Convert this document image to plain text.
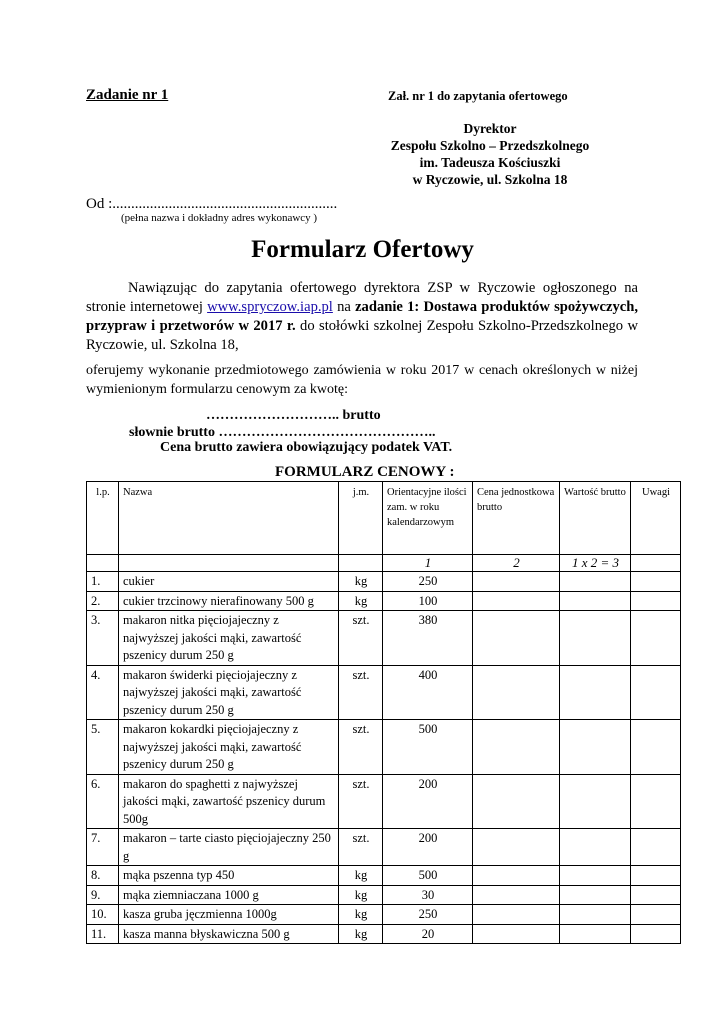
Zadanie nr 1	Zał. nr 1 do zapytania ofertowego
Dyrektor
Zespołu Szkolno – Przedszkolnego
im. Tadeusza Kościuszki
w Ryczowie, ul. Szkolna 18
Od :............................................................
(pełna nazwa i dokładny adres wykonawcy )
Formularz Ofertowy
Nawiązując do zapytania ofertowego dyrektora ZSP w Ryczowie ogłoszonego na stronie internetowej www.spryczow.iap.pl na zadanie 1: Dostawa produktów spożywczych, przypraw i przetworów w 2017 r. do stołówki szkolnej Zespołu Szkolno-Przedszkolnego w Ryczowie, ul. Szkolna 18,
oferujemy wykonanie przedmiotowego zamówienia w roku 2017 w cenach określonych w niżej wymienionym formularzu cenowym za kwotę:
……………………….. brutto
słownie brutto ………………………………………..
Cena brutto zawiera obowiązujący podatek VAT.
FORMULARZ CENOWY :
l.p.	Nazwa	j.m.	Orientacyjne ilości zam. w roku kalendarzowym	Cena jednostkowa brutto	Wartość brutto	Uwagi
			1	2	1 x 2 = 3	
1.	cukier	kg	250			
2.	cukier trzcinowy nierafinowany 500 g	kg	100			
3.	makaron nitka pięciojajeczny z najwyższej jakości mąki, zawartość pszenicy durum 250 g	szt.	380			
4.	makaron świderki pięciojajeczny z najwyższej jakości mąki, zawartość pszenicy durum 250 g	szt.	400			
5.	makaron kokardki pięciojajeczny z najwyższej jakości mąki, zawartość pszenicy durum 250 g	szt.	500			
6.	makaron do spaghetti z najwyższej jakości mąki, zawartość pszenicy durum 500g	szt.	200			
7.	makaron – tarte ciasto pięciojajeczny 250 g	szt.	200			
8.	mąka pszenna typ 450	kg	500			
9.	mąka ziemniaczana 1000 g	kg	30			
10.	kasza gruba jęczmienna 1000g	kg	250			
11.	kasza manna błyskawiczna 500 g	kg	20			
